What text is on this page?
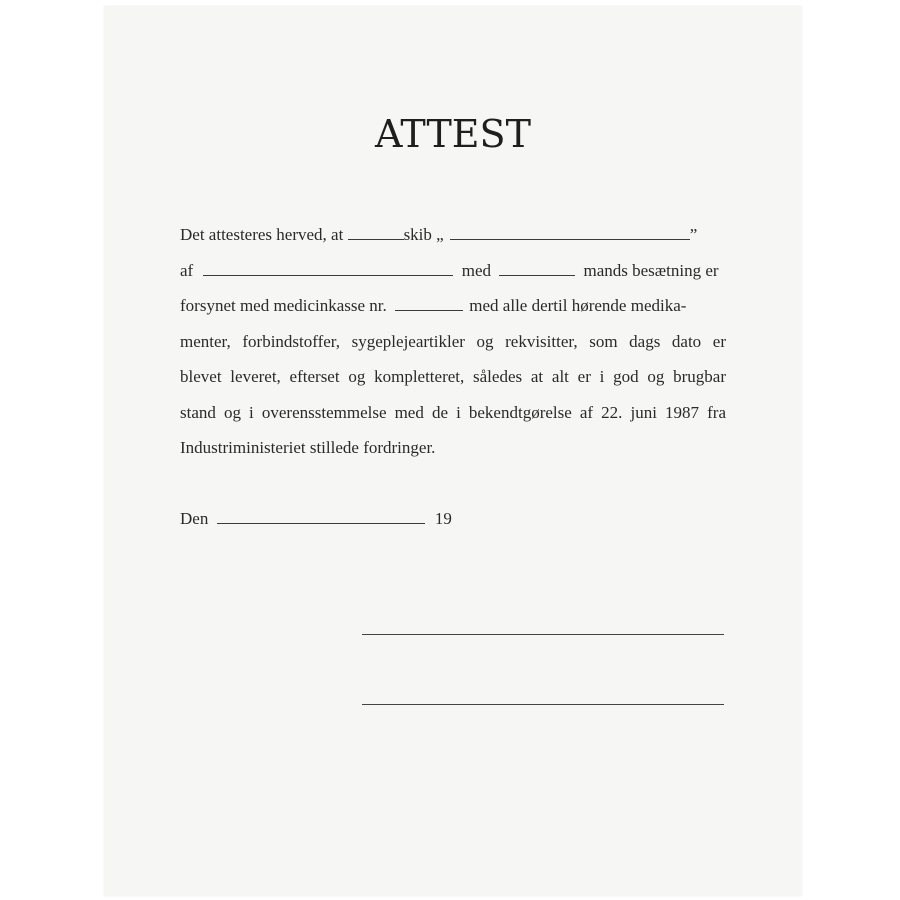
ATTEST
Det attesteres herved, at	skib „	”
af	med	mands besætning er
forsynet med medicinkasse nr.	med alle dertil hørende medika-
menter, forbindstoffer, sygeplejeartikler og rekvisitter, som dags dato er
blevet leveret, efterset og kompletteret, således at alt er i god og brugbar
stand og i overensstemmelse med de i bekendtgørelse af 22. juni 1987 fra
Industriministeriet stillede fordringer.
Den	19
